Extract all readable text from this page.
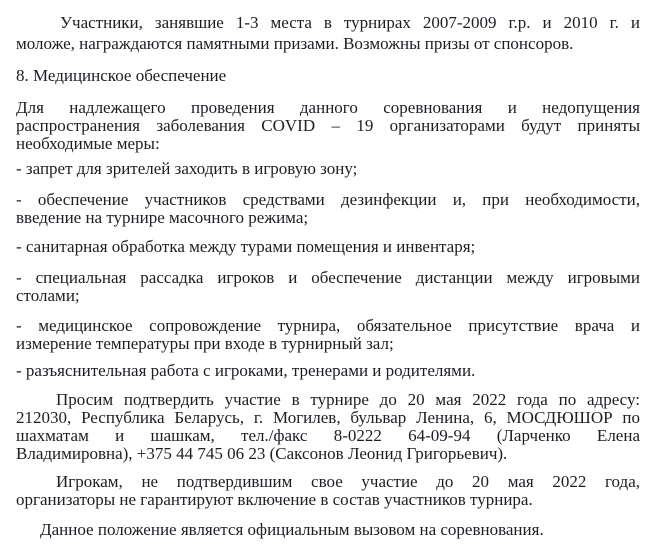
Участники, занявшие 1-3 места в турнирах 2007-2009 г.р. и 2010 г. и
моложе, награждаются памятными призами. Возможны призы от спонсоров.
8. Медицинское обеспечение
Для надлежащего проведения данного соревнования и недопущения
распространения заболевания COVID – 19 организаторами будут приняты
необходимые меры:
- запрет для зрителей заходить в игровую зону;
- обеспечение участников средствами дезинфекции и, при необходимости,
введение на турнире масочного режима;
- санитарная обработка между турами помещения и инвентаря;
- специальная рассадка игроков и обеспечение дистанции между игровыми
столами;
- медицинское сопровождение турнира, обязательное присутствие врача и
измерение температуры при входе в турнирный зал;
- разъяснительная работа с игроками, тренерами и родителями.
Просим подтвердить участие в турнире до 20 мая 2022 года по адресу:
212030, Республика Беларусь, г. Могилев, бульвар Ленина, 6, МОСДЮШОР по
шахматам и шашкам, тел./факс 8-0222 64-09-94 (Ларченко Елена
Владимировна), +375 44 745 06 23 (Саксонов Леонид Григорьевич).
Игрокам, не подтвердившим свое участие до 20 мая 2022 года,
организаторы не гарантируют включение в состав участников турнира.
Данное положение является официальным вызовом на соревнования.
